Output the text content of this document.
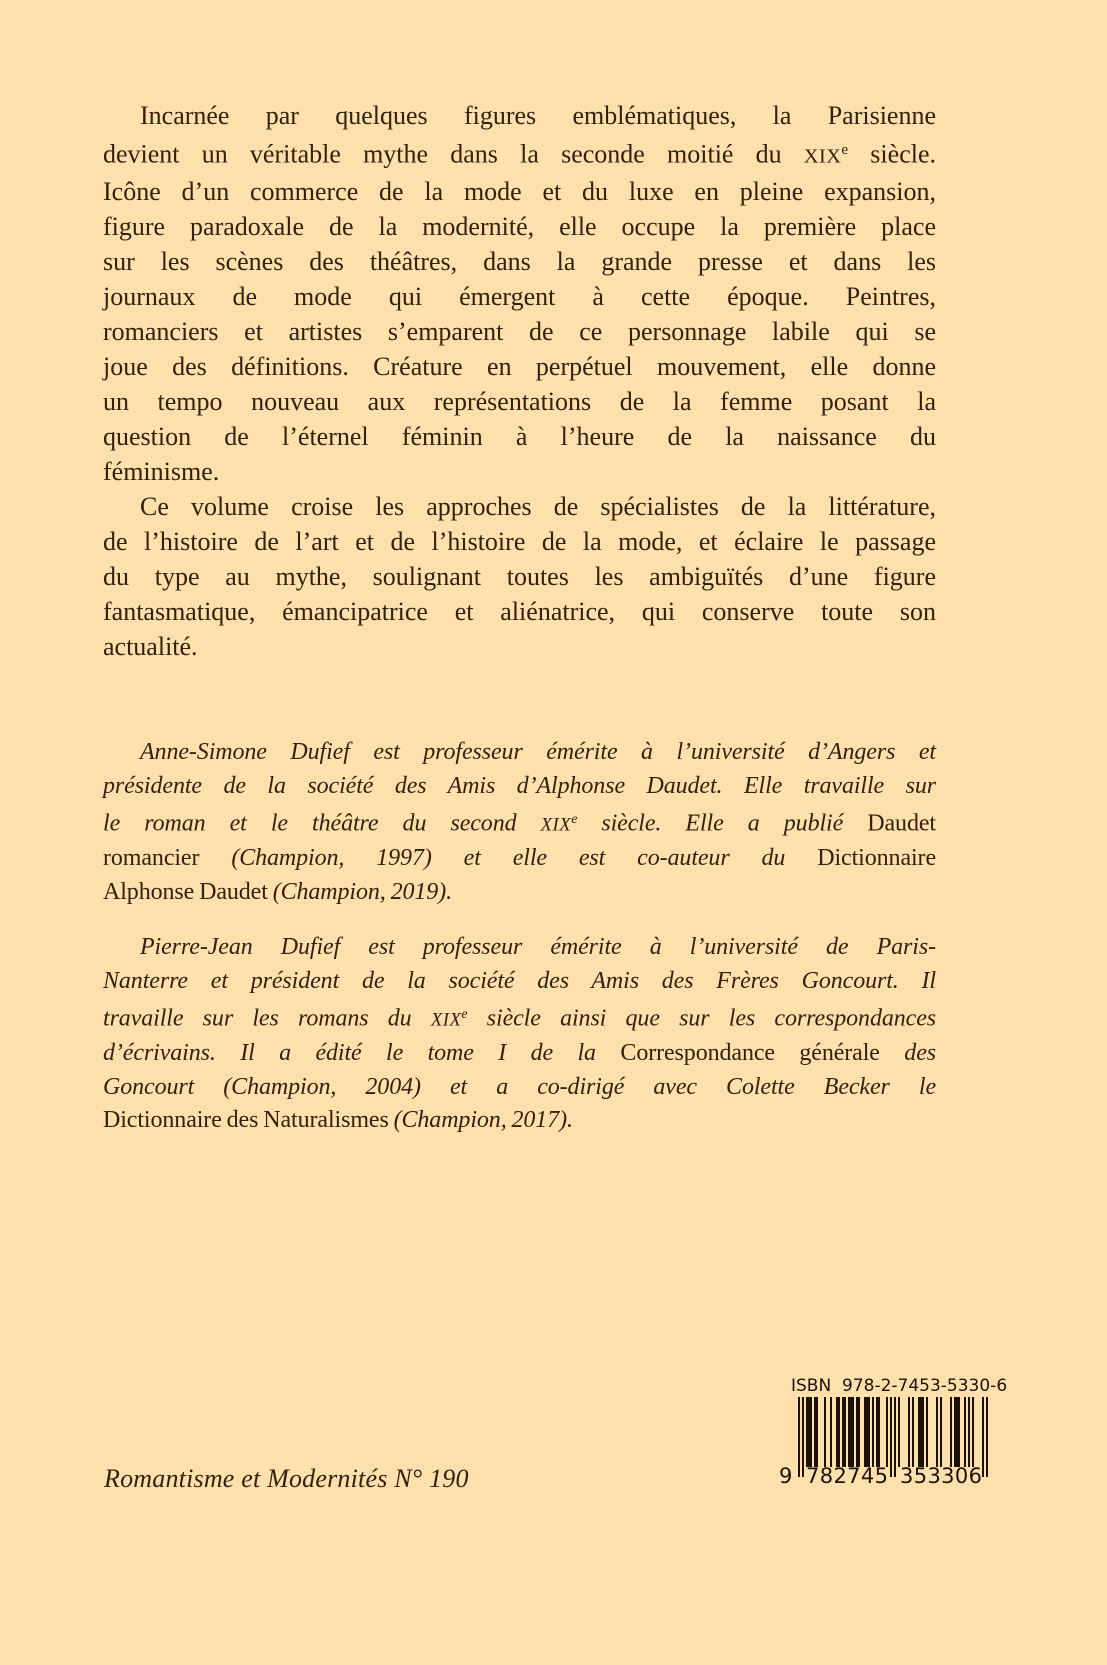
Incarnée par quelques figures emblématiques, la Parisienne
devient un véritable mythe dans la seconde moitié du XIXe siècle.
Icône d’un commerce de la mode et du luxe en pleine expansion,
figure paradoxale de la modernité, elle occupe la première place
sur les scènes des théâtres, dans la grande presse et dans les
journaux de mode qui émergent à cette époque. Peintres,
romanciers et artistes s’emparent de ce personnage labile qui se
joue des définitions. Créature en perpétuel mouvement, elle donne
un tempo nouveau aux représentations de la femme posant la
question de l’éternel féminin à l’heure de la naissance du
féminisme.
Ce volume croise les approches de spécialistes de la littérature,
de l’histoire de l’art et de l’histoire de la mode, et éclaire le passage
du type au mythe, soulignant toutes les ambiguïtés d’une figure
fantasmatique, émancipatrice et aliénatrice, qui conserve toute son
actualité.
Anne-Simone Dufief est professeur émérite à l’université d’Angers et
présidente de la société des Amis d’Alphonse Daudet. Elle travaille sur
le roman et le théâtre du second XIXe siècle. Elle a publié Daudet
romancier (Champion, 1997) et elle est co-auteur du Dictionnaire
Alphonse Daudet (Champion, 2019).
Pierre-Jean Dufief est professeur émérite à l’université de Paris-
Nanterre et président de la société des Amis des Frères Goncourt. Il
travaille sur les romans du XIXe siècle ainsi que sur les correspondances
d’écrivains. Il a édité le tome I de la Correspondance générale des
Goncourt (Champion, 2004) et a co-dirigé avec Colette Becker le
Dictionnaire des Naturalismes (Champion, 2017).
Romantisme et Modernités N° 190
ISBN  978-2-7453-5330-6
9 7 8 2 7 4 5 3 5 3 3 0 6
